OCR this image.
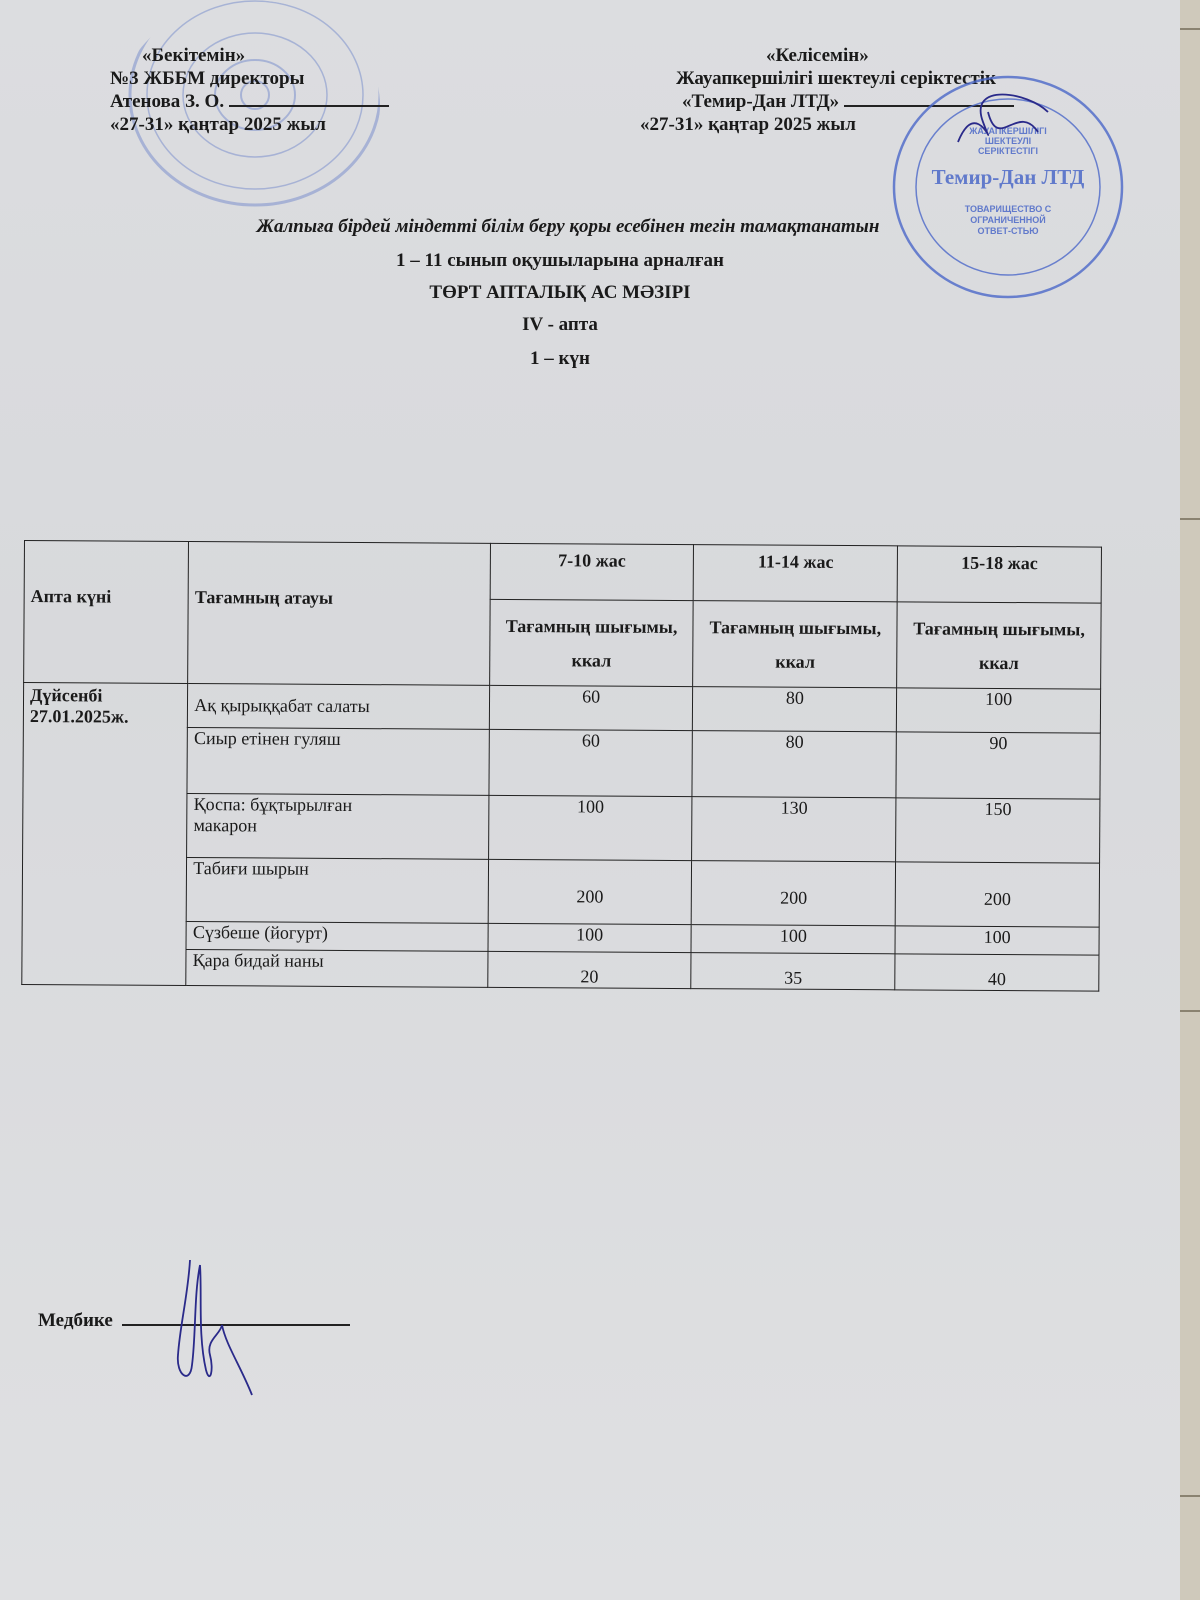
«Бекітемін»
№3 ЖББМ директоры
Атенова З. О.
«27-31» қаңтар 2025 жыл
«Келісемін»
Жауапкершілігі шектеулі серіктестік
«Темир-Дан ЛТД»
«27-31» қаңтар 2025 жыл	ЖАУАПКЕРШІЛІГІ
ШЕКТЕУЛІ
СЕРІКТЕСТІГІ
Темир-Дан ЛТД
ТОВАРИЩЕСТВО С
ОГРАНИЧЕННОЙ
ОТВЕТ-СТЬЮ
Жалпыға бірдей міндетті білім беру қоры есебінен тегін тамақтанатын
1 – 11 сынып оқушыларына арналған
ТӨРТ АПТАЛЫҚ АС МӘЗІРІ
IV - апта
1 – күн
Апта күні	Тағамның атауы	7-10 жас	11-14 жас	15-18 жас
		Тағамның шығымы, ккал	Тағамның шығымы, ккал	Тағамның шығымы, ккал

Дүйсенбі
27.01.2025ж.	Ақ қырыққабат салаты	60	80	100
	Сиыр етінен гуляш	60	80	90

	Қоспа: бұқтырылған макарон	100	130	150
	Табиғи шырын	200	200	200
	Сүзбеше (йогурт)	100	100	100
	Қара бидай наны	20	35	40
Медбике
